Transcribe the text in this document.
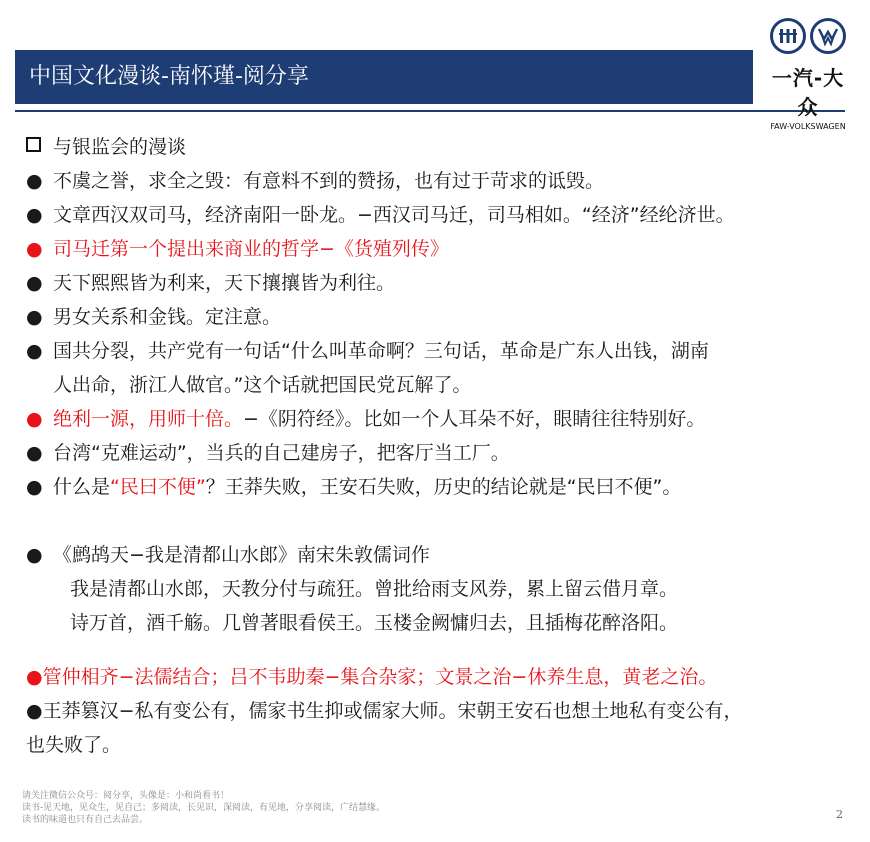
中国文化漫谈-南怀瑾-阅分享	一汽-大众
FAW-VOLKSWAGEN
与银监会的漫谈
● 不虞之誉，求全之毁：有意料不到的赞扬，也有过于苛求的诋毁。
● 文章西汉双司马，经济南阳一卧龙。−西汉司马迁，司马相如。“经济”经纶济世。
● 司马迁第一个提出来商业的哲学−《货殖列传》
● 天下熙熙皆为利来，天下攘攘皆为利往。
● 男女关系和金钱。定注意。
● 国共分裂，共产党有一句话“什么叫革命啊？三句话，革命是广东人出钱，湖南
人出命，浙江人做官。”这个话就把国民党瓦解了。
● 绝利一源，用师十倍。−《阴符经》。比如一个人耳朵不好，眼睛往往特别好。
● 台湾“克难运动”，当兵的自己建房子，把客厅当工厂。
● 什么是“民曰不便”？王莽失败，王安石失败，历史的结论就是“民曰不便”。
● 《鹧鸪天−我是清都山水郎》南宋朱敦儒词作
我是清都山水郎，天教分付与疏狂。曾批给雨支风券，累上留云借月章。
诗万首，酒千觞。几曾著眼看侯王。玉楼金阙慵归去，且插梅花醉洛阳。
●管仲相齐−法儒结合；吕不韦助秦−集合杂家；文景之治−休养生息，黄老之治。
●王莽篡汉−私有变公有，儒家书生抑或儒家大师。宋朝王安石也想土地私有变公有，
也失败了。
请关注微信公众号：阅分享，头像是：小和尚看书！
读书-见天地，见众生，见自己；多阅读，长见识，深阅读，有见地，分享阅读，广结慧缘。
读书的味道也只有自己去品尝。	2
